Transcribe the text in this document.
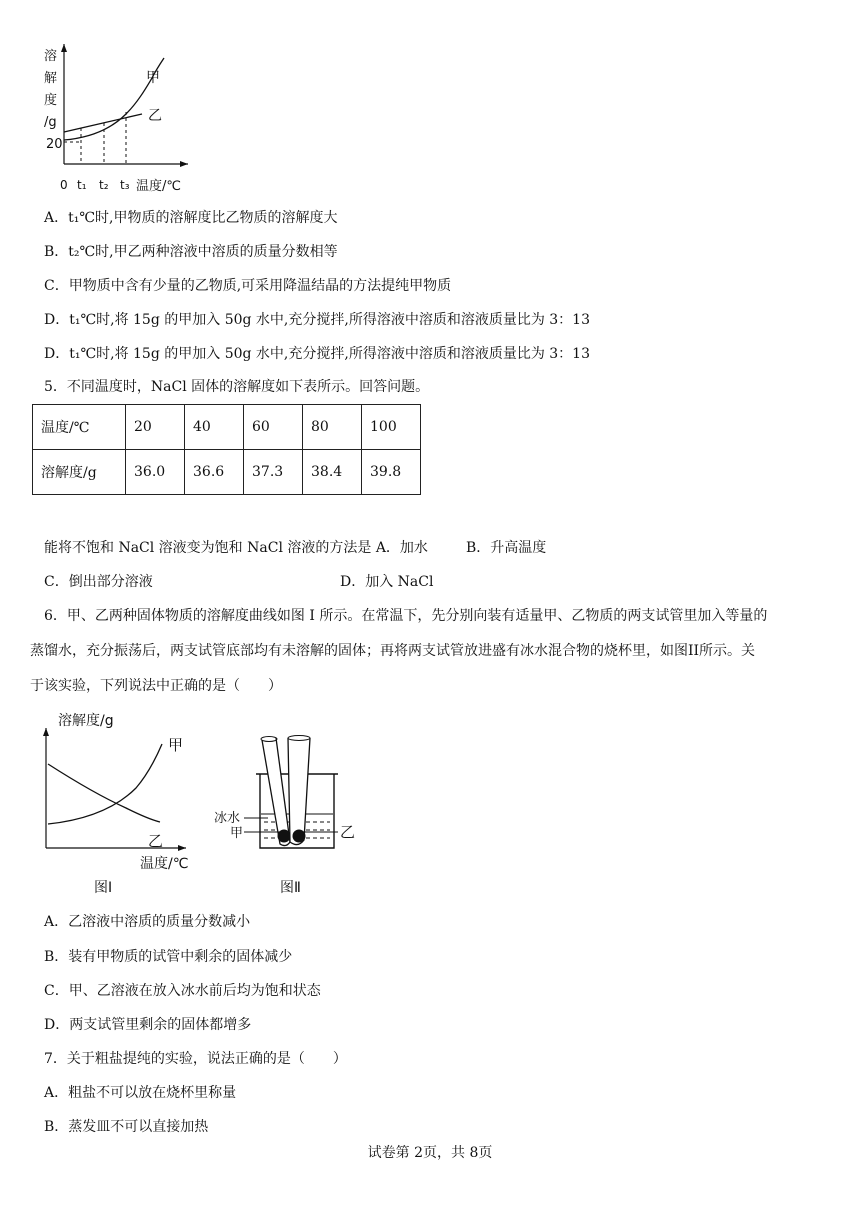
溶
解
度
/g
20
0 t₁ t₂ t₃ 温度/℃
甲
乙
A．t₁℃时,甲物质的溶解度比乙物质的溶解度大
B．t₂℃时,甲乙两种溶液中溶质的质量分数相等
C．甲物质中含有少量的乙物质,可采用降温结晶的方法提纯甲物质
D．t₁℃时,将 15g 的甲加入 50g 水中,充分搅拌,所得溶液中溶质和溶液质量比为 3：13
D．t₁℃时,将 15g 的甲加入 50g 水中,充分搅拌,所得溶液中溶质和溶液质量比为 3：13
5．不同温度时，NaCl 固体的溶解度如下表所示。回答问题。
温度/℃	20	40	60	80	100
溶解度/g	36.0	36.6	37.3	38.4	39.8
能将不饱和 NaCl 溶液变为饱和 NaCl 溶液的方法是 A．加水	B．升高温度
C．倒出部分溶液	D．加入 NaCl
6．甲、乙两种固体物质的溶解度曲线如图 I 所示。在常温下，先分别向装有适量甲、乙物质的两支试管里加入等量的
蒸馏水，充分振荡后，两支试管底部均有未溶解的固体；再将两支试管放进盛有冰水混合物的烧杯里，如图II所示。关
于该实验，下列说法中正确的是（　　）
溶解度/g
甲
乙
温度/℃
图Ⅰ
冰水
甲	乙
图Ⅱ
A．乙溶液中溶质的质量分数减小
B．装有甲物质的试管中剩余的固体减少
C．甲、乙溶液在放入冰水前后均为饱和状态
D．两支试管里剩余的固体都增多
7．关于粗盐提纯的实验，说法正确的是（　　）
A．粗盐不可以放在烧杯里称量
B．蒸发皿不可以直接加热
试卷第 2页，共 8页
